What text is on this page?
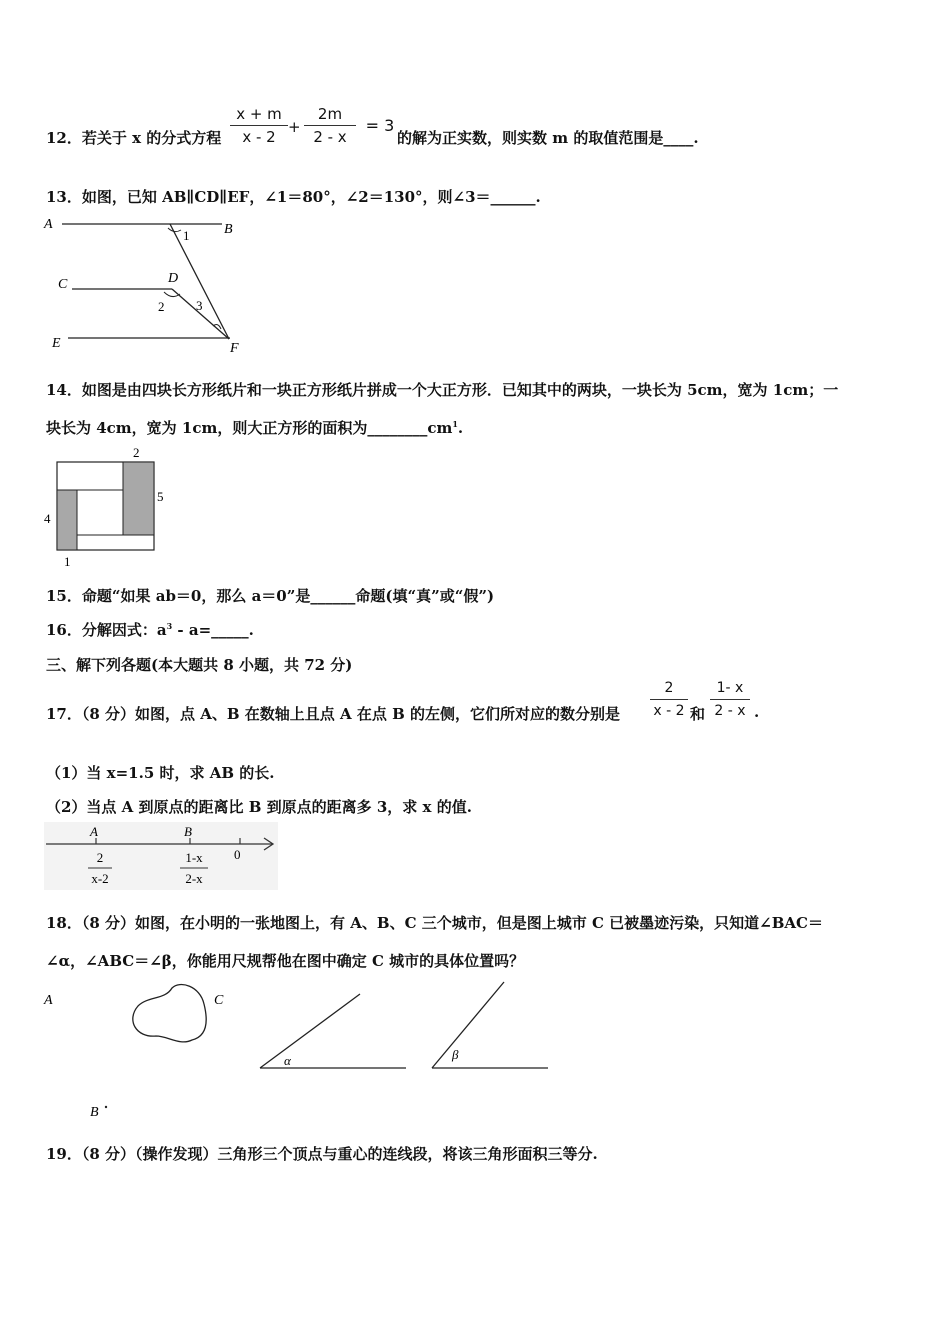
12．若关于 x 的分式方程
x + m
x - 2
+
2m
2 - x
= 3
的解为正实数，则实数 m 的取值范围是____.
13．如图，已知 AB∥CD∥EF，∠1＝80°，∠2＝130°，则∠3＝______.
A	B
C	D
E	F
1
2 3
14．如图是由四块长方形纸片和一块正方形纸片拼成一个大正方形．已知其中的两块，一块长为 5cm，宽为 1cm；一
块长为 4cm，宽为 1cm，则大正方形的面积为$\_\_\_\_\_\_\_\_cm^1$.
2
5
4
1
15．命题“如果 ab＝0，那么 a＝0”是______命题(填“真”或“假”)
16．分解因式：$a^3$ - a=_____.
三、解下列各题(本大题共 8 小题，共 72 分)
17．（8 分）如图，点 A、B 在数轴上且点 A 在点 B 的左侧，它们所对应的数分别是
2
x - 2 和
1- x
2 - x .
（1）当 x=1.5 时，求 AB 的长.
（2）当点 A 到原点的距离比 B 到原点的距离多 3，求 x 的值.
A	B
0
2
x-2
1-x
2-x
18．（8 分）如图，在小明的一张地图上，有 A、B、C 三个城市，但是图上城市 C 已被墨迹污染，只知道∠BAC＝
∠α，∠ABC＝∠β，你能用尺规帮他在图中确定 C 城市的具体位置吗？
A	C
α	β
B
19．（8 分）（操作发现）三角形三个顶点与重心的连线段，将该三角形面积三等分.
